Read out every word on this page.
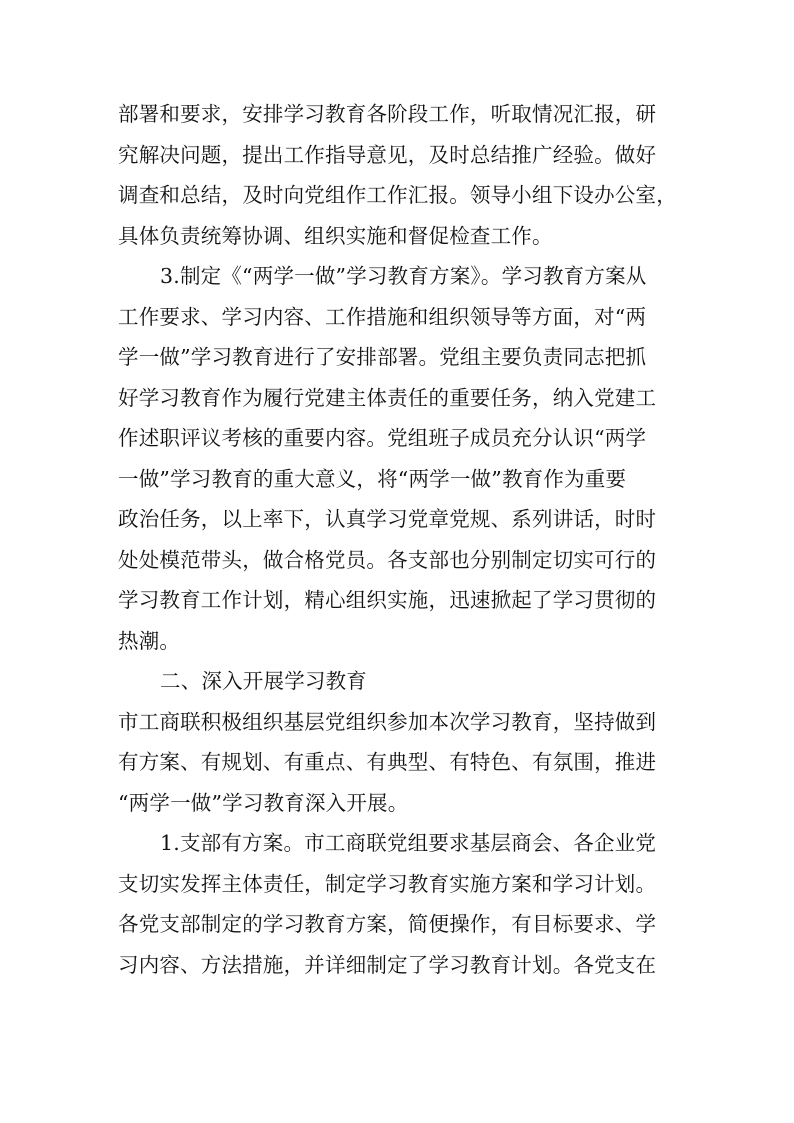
部署和要求，安排学习教育各阶段工作，听取情况汇报，研
究解决问题，提出工作指导意见，及时总结推广经验。做好
调查和总结，及时向党组作工作汇报。领导小组下设办公室，
具体负责统筹协调、组织实施和督促检查工作。
3.制定《“两学一做”学习教育方案》。学习教育方案从
工作要求、学习内容、工作措施和组织领导等方面，对“两
学一做”学习教育进行了安排部署。党组主要负责同志把抓
好学习教育作为履行党建主体责任的重要任务，纳入党建工
作述职评议考核的重要内容。党组班子成员充分认识“两学
一做”学习教育的重大意义，将“两学一做”教育作为重要
政治任务，以上率下，认真学习党章党规、系列讲话，时时
处处模范带头，做合格党员。各支部也分别制定切实可行的
学习教育工作计划，精心组织实施，迅速掀起了学习贯彻的
热潮。
二、深入开展学习教育
市工商联积极组织基层党组织参加本次学习教育，坚持做到
有方案、有规划、有重点、有典型、有特色、有氛围，推进
“两学一做”学习教育深入开展。
1.支部有方案。市工商联党组要求基层商会、各企业党
支切实发挥主体责任，制定学习教育实施方案和学习计划。
各党支部制定的学习教育方案，简便操作，有目标要求、学
习内容、方法措施，并详细制定了学习教育计划。各党支在
